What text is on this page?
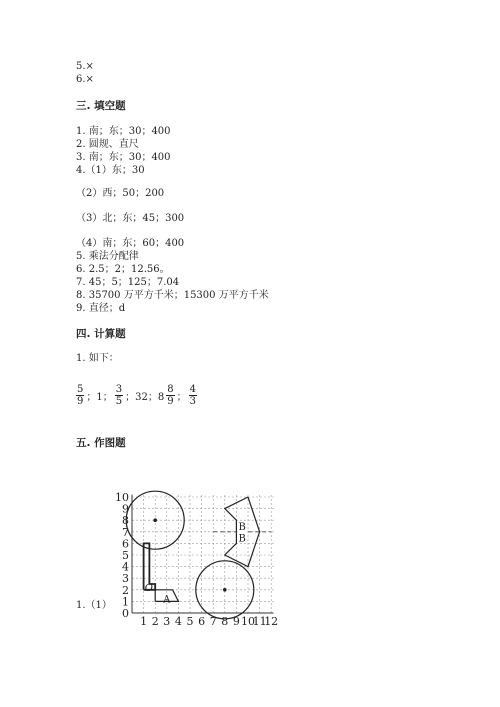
5.×
6.×
三. 填空题
1. 南；东；30；400
2. 圆规、直尺
3. 南；东；30；400
4.（1）东；30
（2）西；50；200
（3）北；东；45；300
（4）南；东；60；400
5. 乘法分配律
6. 2.5；2；12.56。
7. 45；5；125；7.04
8. 35700 万平方千米；15300 万平方千米
9. 直径；d
四. 计算题
1. 如下：
$\frac{5}{9}$ ；1； $\frac{3}{5}$ ；32；$8 \frac{8}{9}$ ； $\frac{4}{3}$
五. 作图题
1.（1）
0
1
2
3
4
5
6
7
8
9
10
1 2 3 4 5 6 7 8 9 10
11
12
B
B
O
A
